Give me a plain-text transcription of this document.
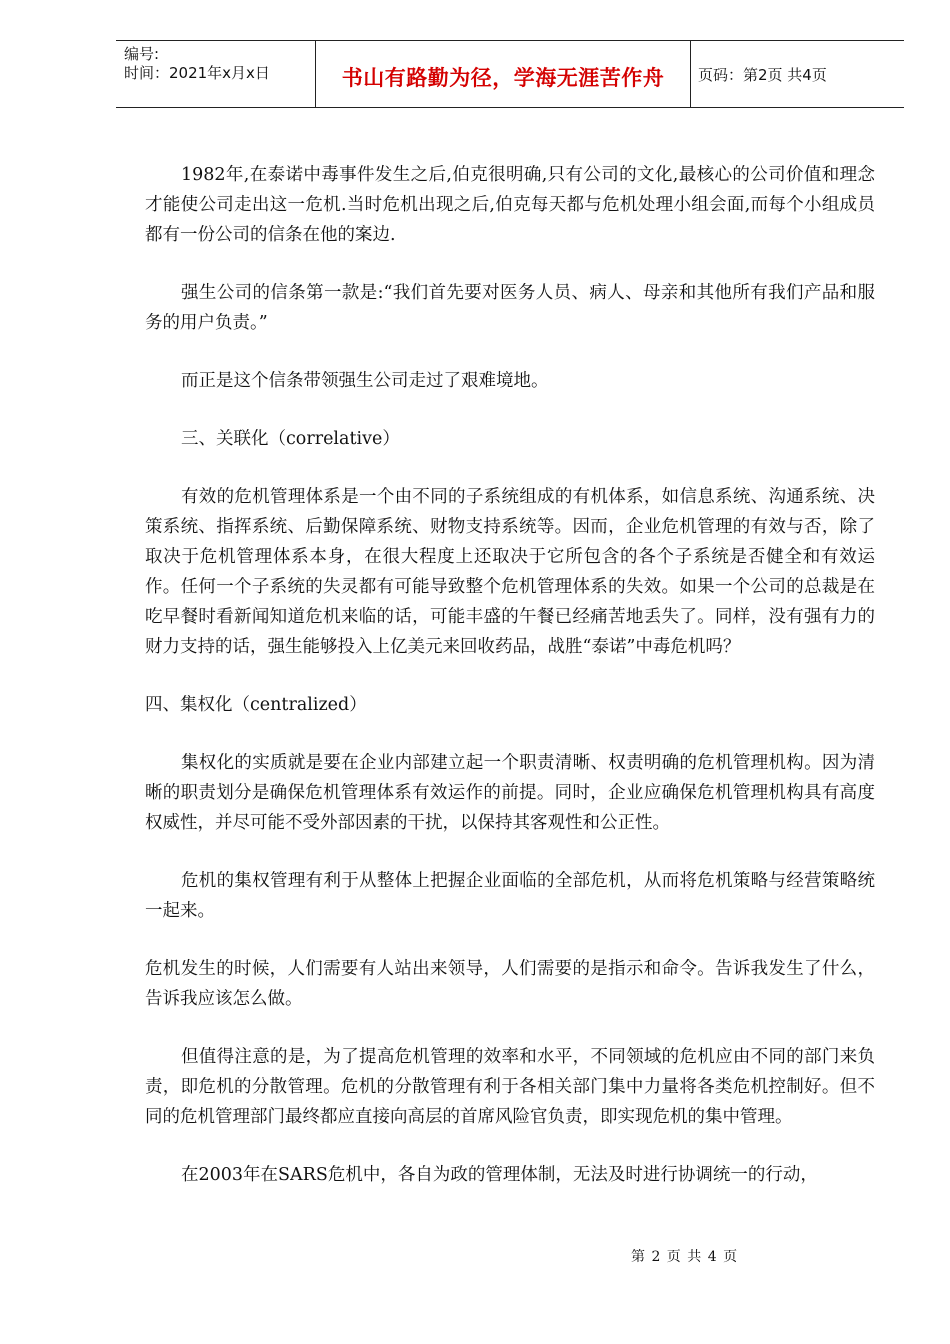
编号:
时间：2021年x月x日	书山有路勤为径，学海无涯苦作舟	页码：第2页 共4页

1982年,在泰诺中毒事件发生之后,伯克很明确,只有公司的文化,最核心的公司价值和理念才能使公司走出这一危机.当时危机出现之后,伯克每天都与危机处理小组会面,而每个小组成员都有一份公司的信条在他的案边.

强生公司的信条第一款是:“我们首先要对医务人员、病人、母亲和其他所有我们产品和服务的用户负责。”

而正是这个信条带领强生公司走过了艰难境地。

三、关联化（correlative）

有效的危机管理体系是一个由不同的子系统组成的有机体系，如信息系统、沟通系统、决策系统、指挥系统、后勤保障系统、财物支持系统等。因而，企业危机管理的有效与否，除了取决于危机管理体系本身，在很大程度上还取决于它所包含的各个子系统是否健全和有效运作。任何一个子系统的失灵都有可能导致整个危机管理体系的失效。如果一个公司的总裁是在吃早餐时看新闻知道危机来临的话，可能丰盛的午餐已经痛苦地丢失了。同样，没有强有力的财力支持的话，强生能够投入上亿美元来回收药品，战胜“泰诺”中毒危机吗？

四、集权化（centralized）

集权化的实质就是要在企业内部建立起一个职责清晰、权责明确的危机管理机构。因为清晰的职责划分是确保危机管理体系有效运作的前提。同时，企业应确保危机管理机构具有高度权威性，并尽可能不受外部因素的干扰，以保持其客观性和公正性。

危机的集权管理有利于从整体上把握企业面临的全部危机，从而将危机策略与经营策略统一起来。

危机发生的时候，人们需要有人站出来领导，人们需要的是指示和命令。告诉我发生了什么，告诉我应该怎么做。

但值得注意的是，为了提高危机管理的效率和水平，不同领域的危机应由不同的部门来负责，即危机的分散管理。危机的分散管理有利于各相关部门集中力量将各类危机控制好。但不同的危机管理部门最终都应直接向高层的首席风险官负责，即实现危机的集中管理。

在2003年在SARS危机中，各自为政的管理体制，无法及时进行协调统一的行动，

第 2 页 共 4 页
